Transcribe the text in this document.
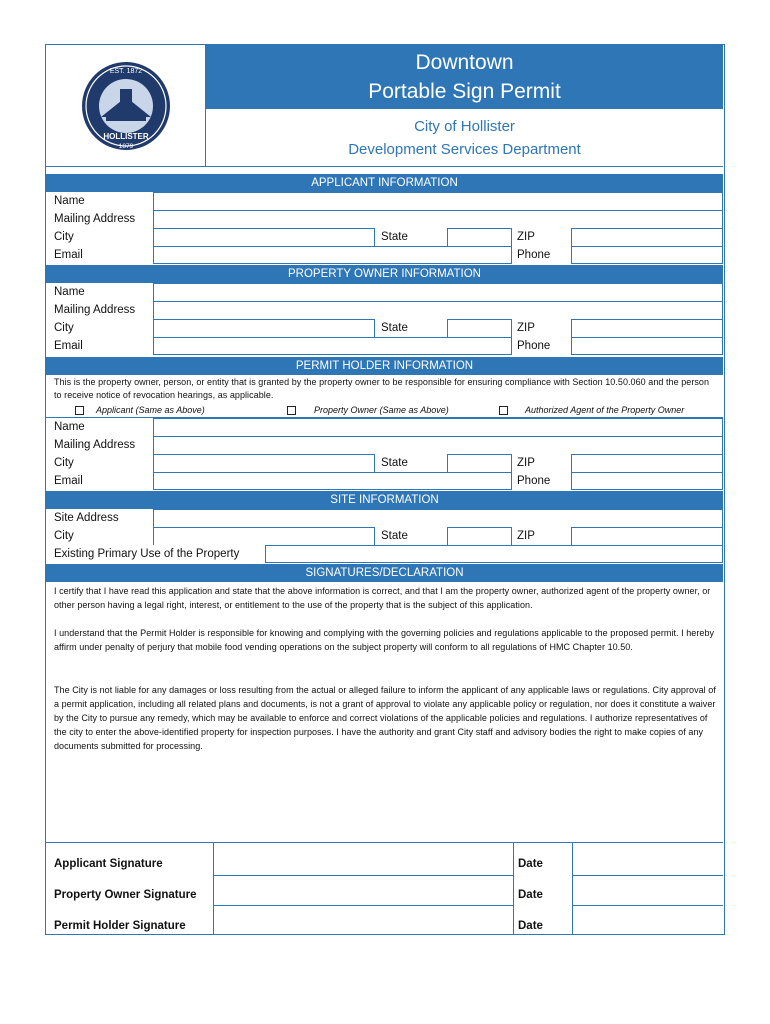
EST. 1872
HOLLISTER
1879
Downtown
Portable Sign Permit
City of Hollister
Development Services Department
APPLICANT INFORMATION
Name
Mailing Address
City	State	ZIP
Email	Phone
PROPERTY OWNER INFORMATION
Name
Mailing Address
City	State	ZIP
Email	Phone
PERMIT HOLDER INFORMATION
This is the property owner, person, or entity that is granted by the property owner to be responsible for ensuring compliance with Section 10.50.060 and the person to receive notice of revocation hearings, as applicable.
Applicant (Same as Above)	Property Owner (Same as Above)	Authorized Agent of the Property Owner
Name
Mailing Address
City	State	ZIP
Email	Phone
SITE INFORMATION
Site Address
City	State	ZIP
Existing Primary Use of the Property
SIGNATURES/DECLARATION
I certify that I have read this application and state that the above information is correct, and that I am the property owner, authorized agent of the property owner, or other person having a legal right, interest, or entitlement to the use of the property that is the subject of this application.
I understand that the Permit Holder is responsible for knowing and complying with the governing policies and regulations applicable to the proposed permit. I hereby affirm under penalty of perjury that mobile food vending operations on the subject property will conform to all regulations of HMC Chapter 10.50.
The City is not liable for any damages or loss resulting from the actual or alleged failure to inform the applicant of any applicable laws or regulations. City approval of a permit application, including all related plans and documents, is not a grant of approval to violate any applicable policy or regulation, nor does it constitute a waiver by the City to pursue any remedy, which may be available to enforce and correct violations of the applicable policies and regulations. I authorize representatives of the city to enter the above-identified property for inspection purposes. I have the authority and grant City staff and advisory bodies the right to make copies of any documents submitted for processing.
Applicant Signature	Date
Property Owner Signature	Date
Permit Holder Signature	Date
